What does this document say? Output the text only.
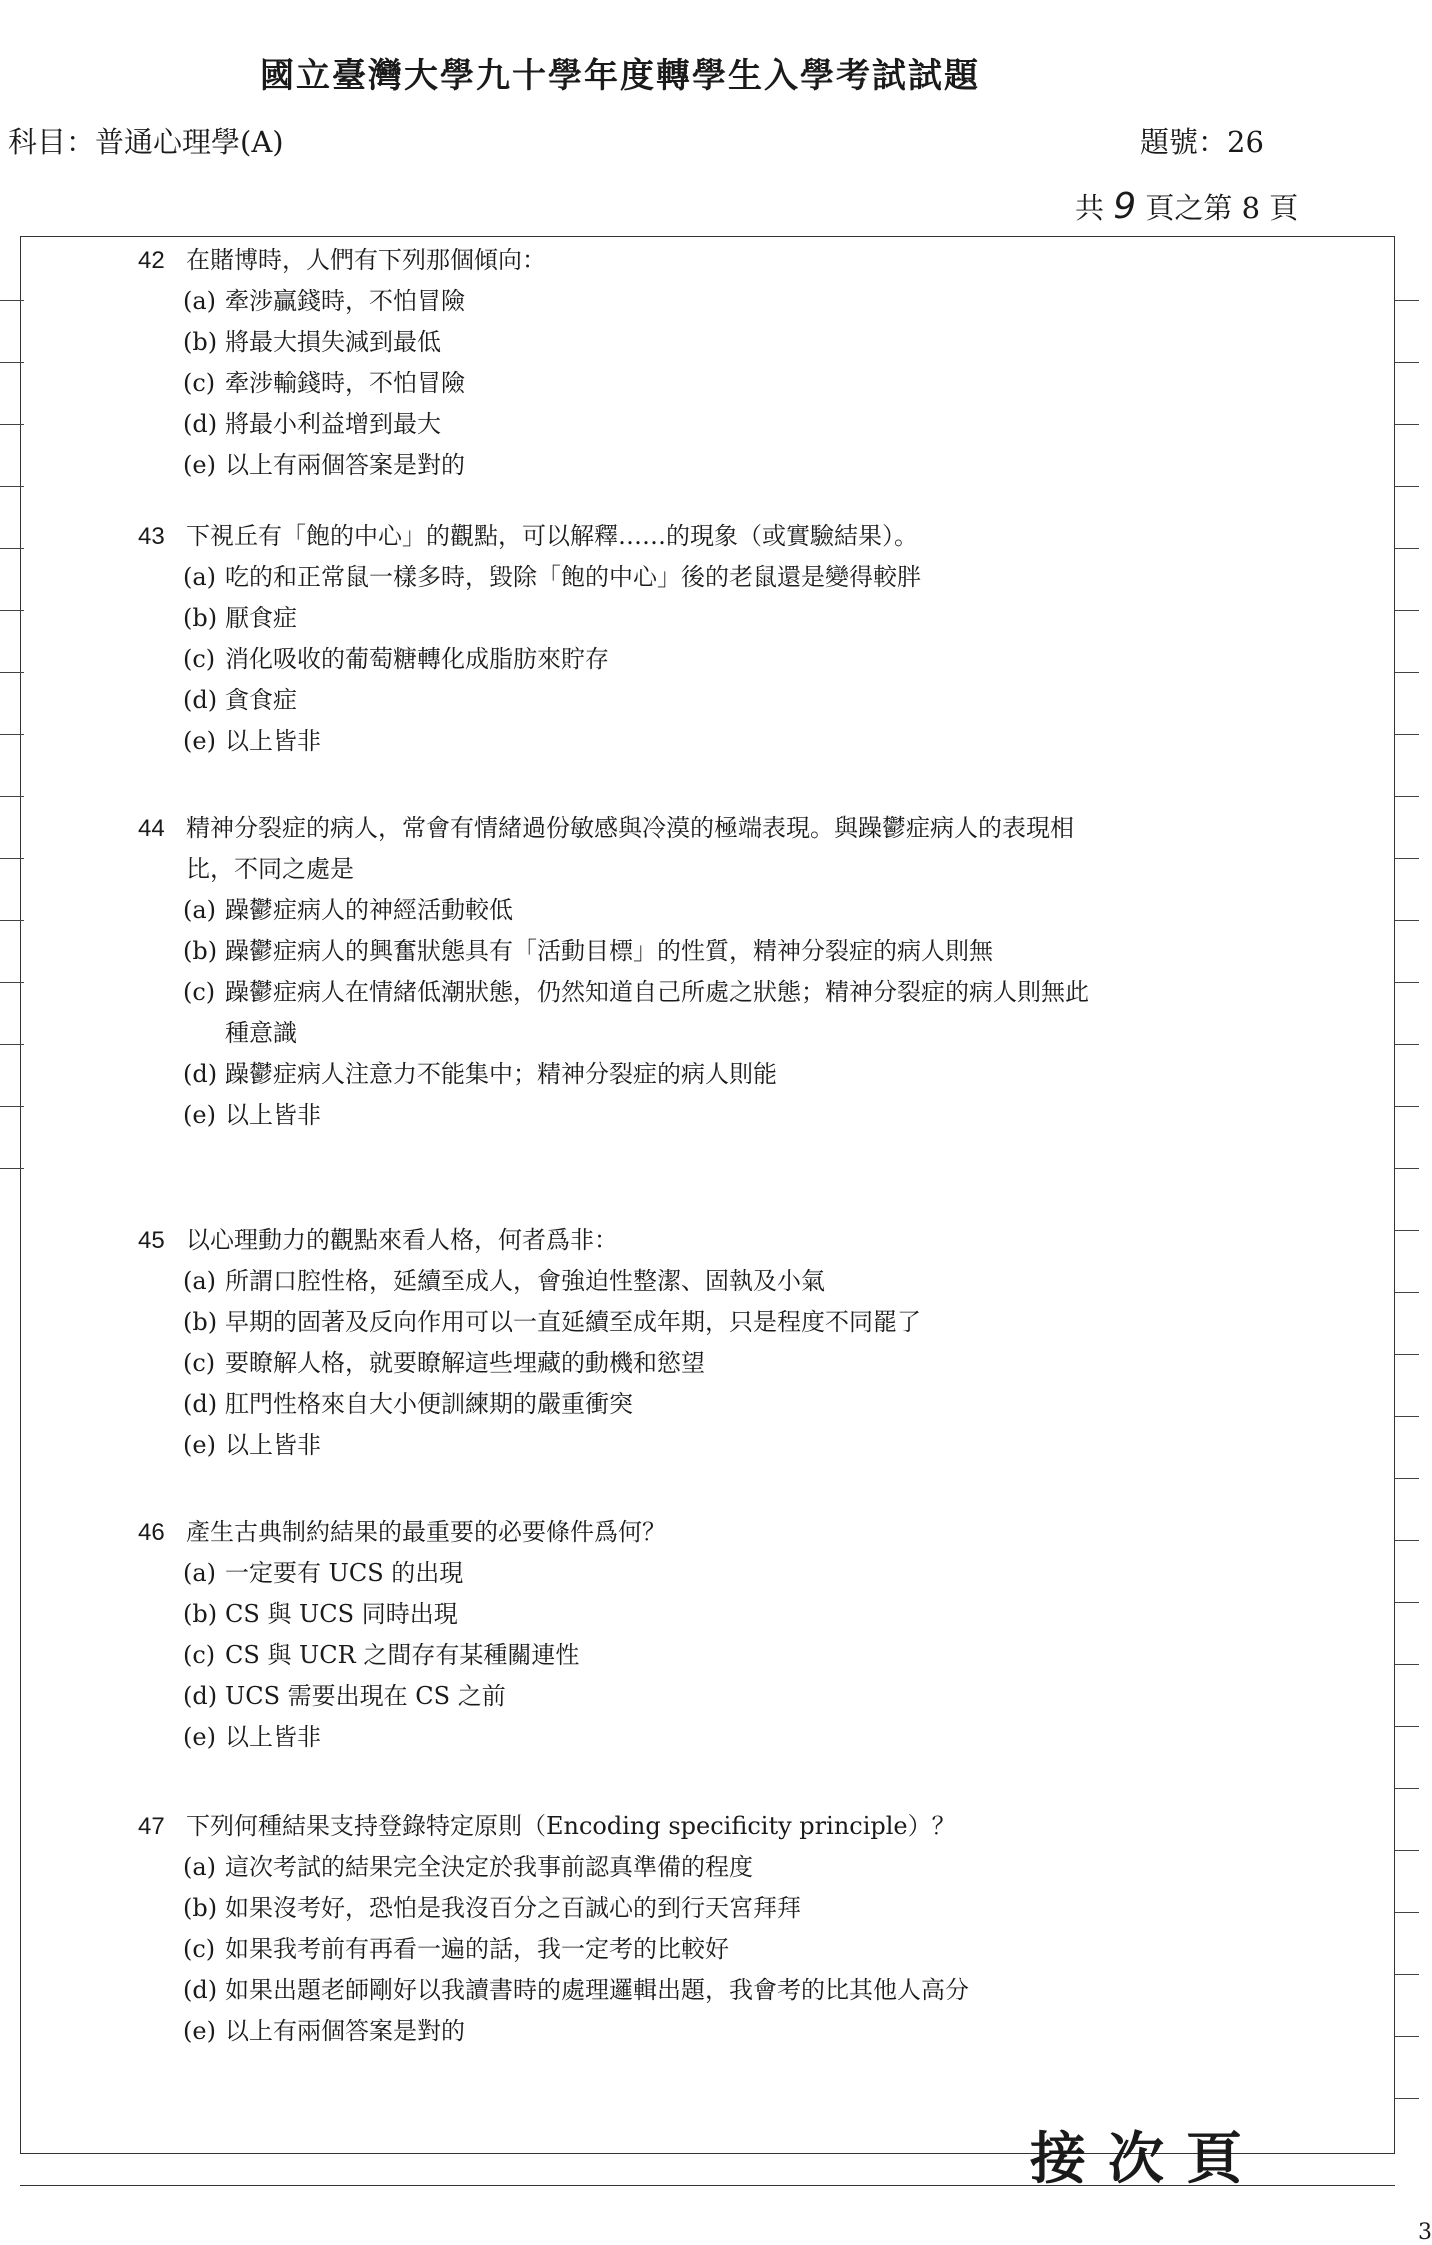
國立臺灣大學九十學年度轉學生入學考試試題
科目：普通心理學(A)	題號：26
共 9 頁之第 8 頁
42 在賭博時，人們有下列那個傾向：
(a) 牽涉贏錢時，不怕冒險
(b) 將最大損失減到最低
(c) 牽涉輸錢時，不怕冒險
(d) 將最小利益增到最大
(e) 以上有兩個答案是對的
43 下視丘有「飽的中心」的觀點，可以解釋……的現象（或實驗結果）。
(a) 吃的和正常鼠一樣多時，毀除「飽的中心」後的老鼠還是變得較胖
(b) 厭食症
(c) 消化吸收的葡萄糖轉化成脂肪來貯存
(d) 貪食症
(e) 以上皆非
44 精神分裂症的病人，常會有情緒過份敏感與冷漠的極端表現。與躁鬱症病人的表現相比，不同之處是
(a) 躁鬱症病人的神經活動較低
(b) 躁鬱症病人的興奮狀態具有「活動目標」的性質，精神分裂症的病人則無
(c) 躁鬱症病人在情緒低潮狀態，仍然知道自己所處之狀態；精神分裂症的病人則無此種意識
(d) 躁鬱症病人注意力不能集中；精神分裂症的病人則能
(e) 以上皆非
45 以心理動力的觀點來看人格，何者爲非：
(a) 所謂口腔性格，延續至成人，會強迫性整潔、固執及小氣
(b) 早期的固著及反向作用可以一直延續至成年期，只是程度不同罷了
(c) 要瞭解人格，就要瞭解這些埋藏的動機和慾望
(d) 肛門性格來自大小便訓練期的嚴重衝突
(e) 以上皆非
46 產生古典制約結果的最重要的必要條件爲何？
(a) 一定要有 UCS 的出現
(b) CS 與 UCS 同時出現
(c) CS 與 UCR 之間存有某種關連性
(d) UCS 需要出現在 CS 之前
(e) 以上皆非
47 下列何種結果支持登錄特定原則（Encoding specificity principle）？
(a) 這次考試的結果完全決定於我事前認真準備的程度
(b) 如果沒考好，恐怕是我沒百分之百誠心的到行天宮拜拜
(c) 如果我考前有再看一遍的話，我一定考的比較好
(d) 如果出題老師剛好以我讀書時的處理邏輯出題，我會考的比其他人高分
(e) 以上有兩個答案是對的
接次頁
3
